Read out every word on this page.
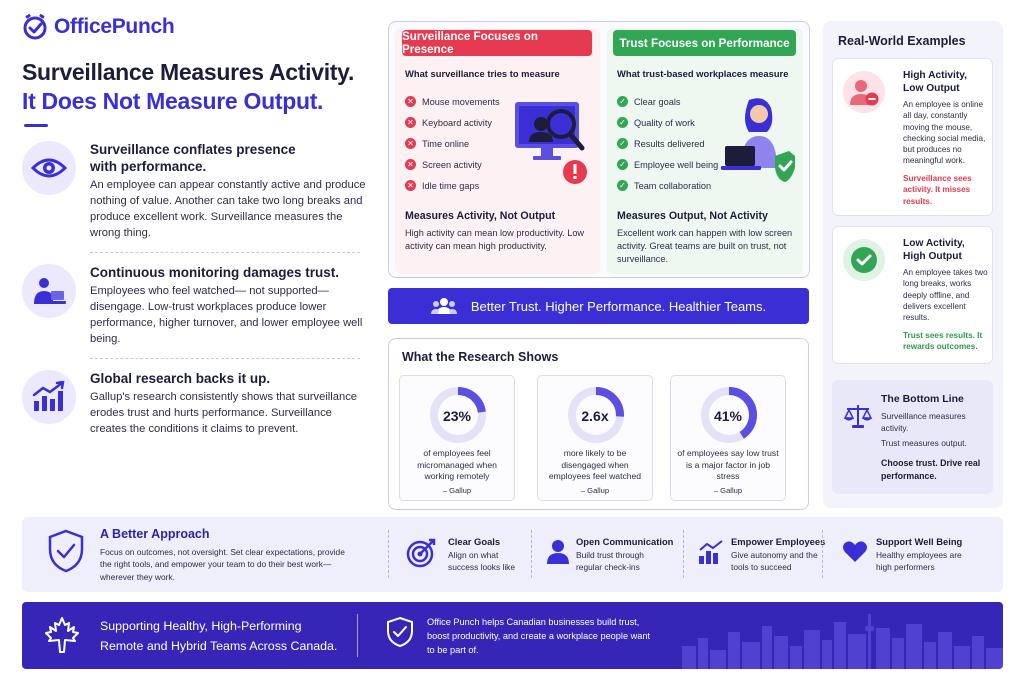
OfficePunch
Surveillance Measures Activity.
It Does Not Measure Output.
Surveillance conflates presence
with performance.
An employee can appear constantly active and produce nothing of value. Another can take two long breaks and produce excellent work. Surveillance measures the wrong thing.
Continuous monitoring damages trust.
Employees who feel watched— not supported— disengage. Low-trust workplaces produce lower performance, higher turnover, and lower employee well being.
Global research backs it up.
Gallup's research consistently shows that surveillance erodes trust and hurts performance. Surveillance creates the conditions it claims to prevent.
Surveillance Focuses on Presence
What surveillance tries to measure
✕ Mouse movements
✕ Keyboard activity
✕ Time online
✕ Screen activity
✕ Idle time gaps
Measures Activity, Not Output
High activity can mean low productivity. Low activity can mean high productivity.
Trust Focuses on Performance
What trust-based workplaces measure
✓ Clear goals
✓ Quality of work
✓ Results delivered
✓ Employee well being
✓ Team collaboration
Measures Output, Not Activity
Excellent work can happen with low screen activity. Great teams are built on trust, not surveillance.
Better Trust. Higher Performance. Healthier Teams.
What the Research Shows
23%
of employees feel micromanaged when working remotely
– Gallup
2.6x
more likely to be disengaged when employees feel watched
– Gallup
41%
of employees say low trust is a major factor in job stress
– Gallup
Real-World Examples
High Activity, Low Output
An employee is online all day, constantly moving the mouse, checking social media, but produces no meaningful work.
Surveillance sees activity. It misses results.
Low Activity, High Output
An employee takes two long breaks, works deeply offline, and delivers excellent results.
Trust sees results. It rewards outcomes.
The Bottom Line
Surveillance measures activity.
Trust measures output.
Choose trust. Drive real performance.
A Better Approach
Focus on outcomes, not oversight. Set clear expectations, provide the right tools, and empower your team to do their best work— wherever they work.
Clear Goals
Align on what success looks like
Open Communication
Build trust through regular check-ins
Empower Employees
Give autonomy and the tools to succeed
Support Well Being
Healthy employees are high performers
Supporting Healthy, High-Performing
Remote and Hybrid Teams Across Canada.
Office Punch helps Canadian businesses build trust, boost productivity, and create a workplace people want to be part of.
